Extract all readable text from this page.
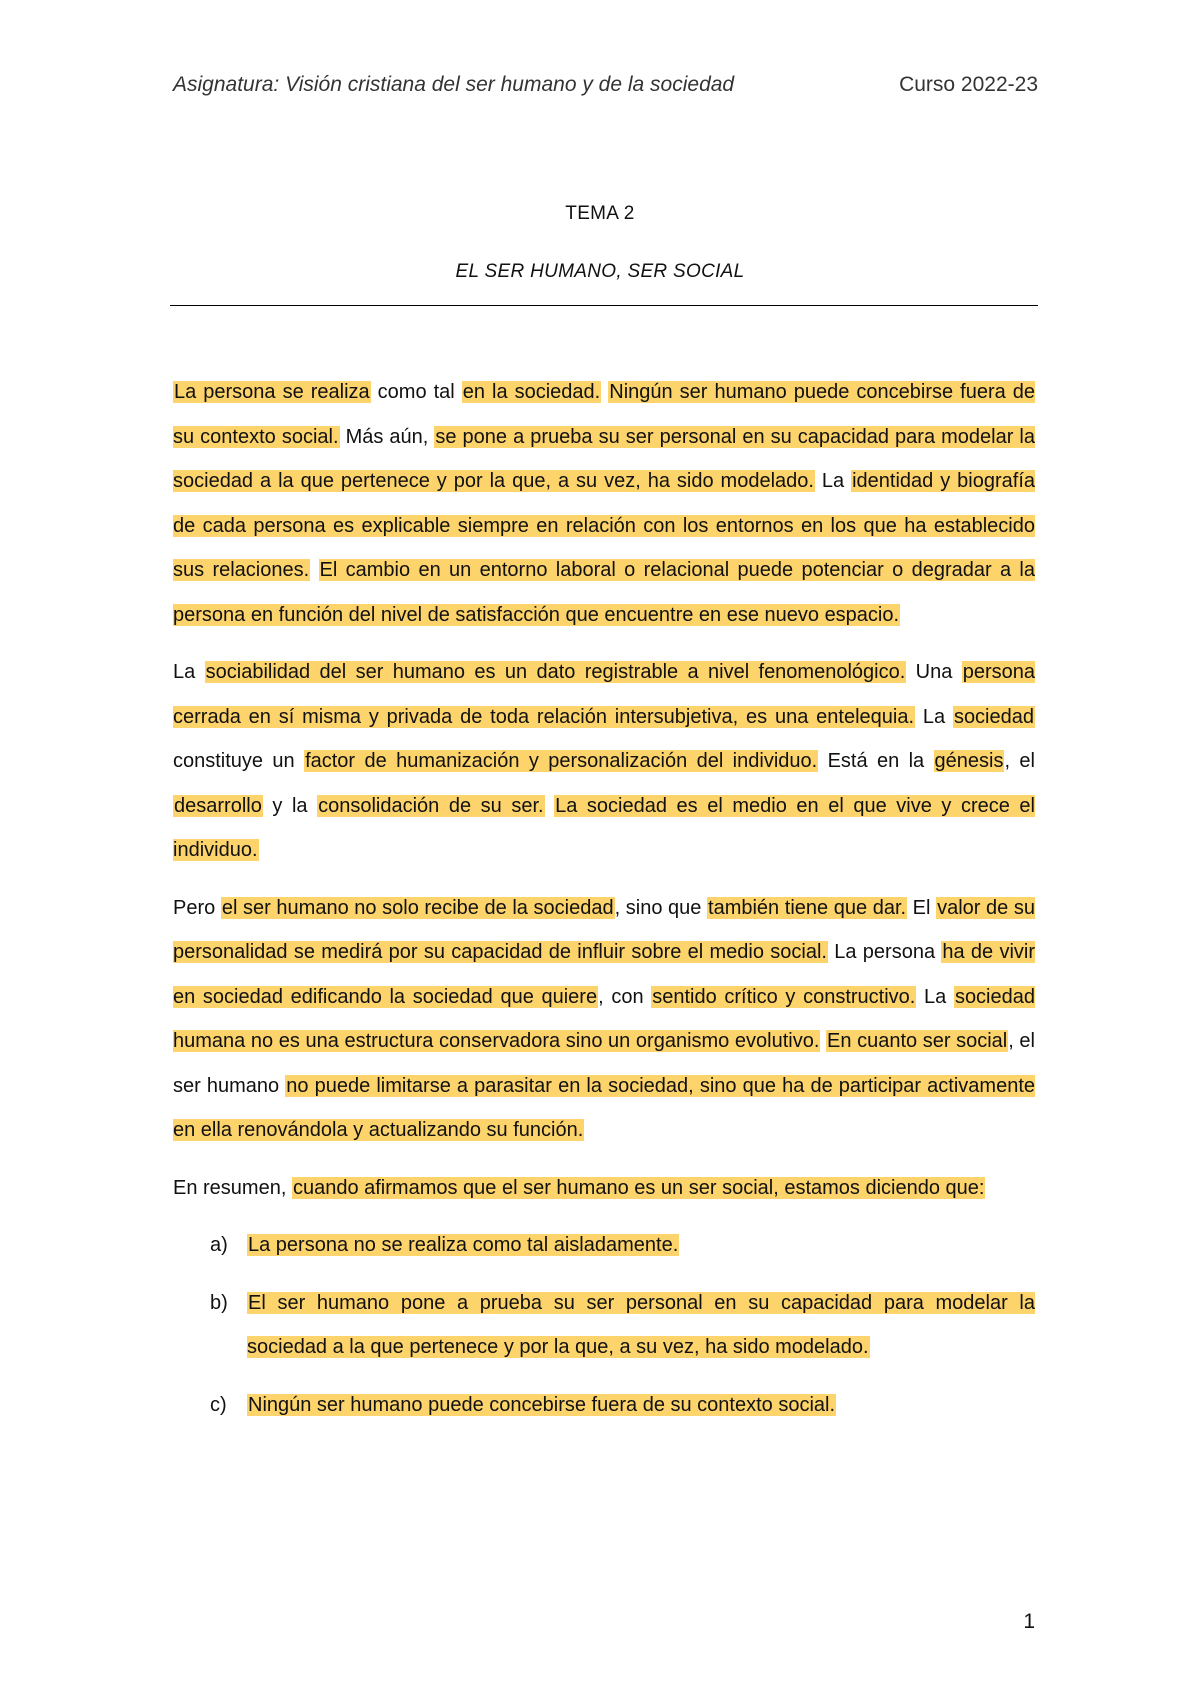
Asignatura: Visión cristiana del ser humano y de la sociedad	Curso 2022-23
TEMA 2
EL SER HUMANO, SER SOCIAL

La persona se realiza como tal en la sociedad. Ningún ser humano puede concebirse fuera de su contexto social. Más aún, se pone a prueba su ser personal en su capacidad para modelar la sociedad a la que pertenece y por la que, a su vez, ha sido modelado. La identidad y biografía de cada persona es explicable siempre en relación con los entornos en los que ha establecido sus relaciones. El cambio en un entorno laboral o relacional puede potenciar o degradar a la persona en función del nivel de satisfacción que encuentre en ese nuevo espacio.

La sociabilidad del ser humano es un dato registrable a nivel fenomenológico. Una persona cerrada en sí misma y privada de toda relación intersubjetiva, es una entelequia. La sociedad constituye un factor de humanización y personalización del individuo. Está en la génesis, el desarrollo y la consolidación de su ser. La sociedad es el medio en el que vive y crece el individuo.

Pero el ser humano no solo recibe de la sociedad, sino que también tiene que dar. El valor de su personalidad se medirá por su capacidad de influir sobre el medio social. La persona ha de vivir en sociedad edificando la sociedad que quiere, con sentido crítico y constructivo. La sociedad humana no es una estructura conservadora sino un organismo evolutivo. En cuanto ser social, el ser humano no puede limitarse a parasitar en la sociedad, sino que ha de participar activamente en ella renovándola y actualizando su función.

En resumen, cuando afirmamos que el ser humano es un ser social, estamos diciendo que:

a) La persona no se realiza como tal aisladamente.
b) El ser humano pone a prueba su ser personal en su capacidad para modelar la sociedad a la que pertenece y por la que, a su vez, ha sido modelado.
c) Ningún ser humano puede concebirse fuera de su contexto social.
1
